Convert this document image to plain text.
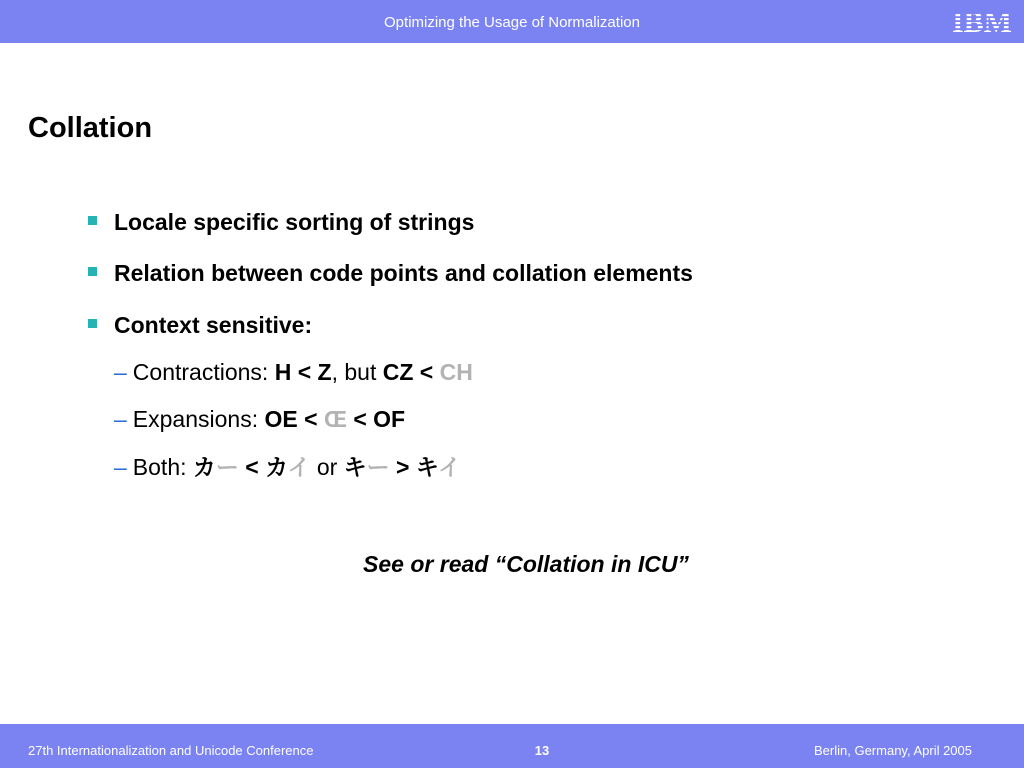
Optimizing the Usage of Normalization	IBM
Collation
Locale specific sorting of strings
Relation between code points and collation elements
Context sensitive:
– Contractions: H < Z, but CZ < CH
– Expansions: OE < Œ < OF
– Both: カー < カイ or キー > キイ
See or read “Collation in ICU”
27th Internationalization and Unicode Conference	13	Berlin, Germany, April 2005
